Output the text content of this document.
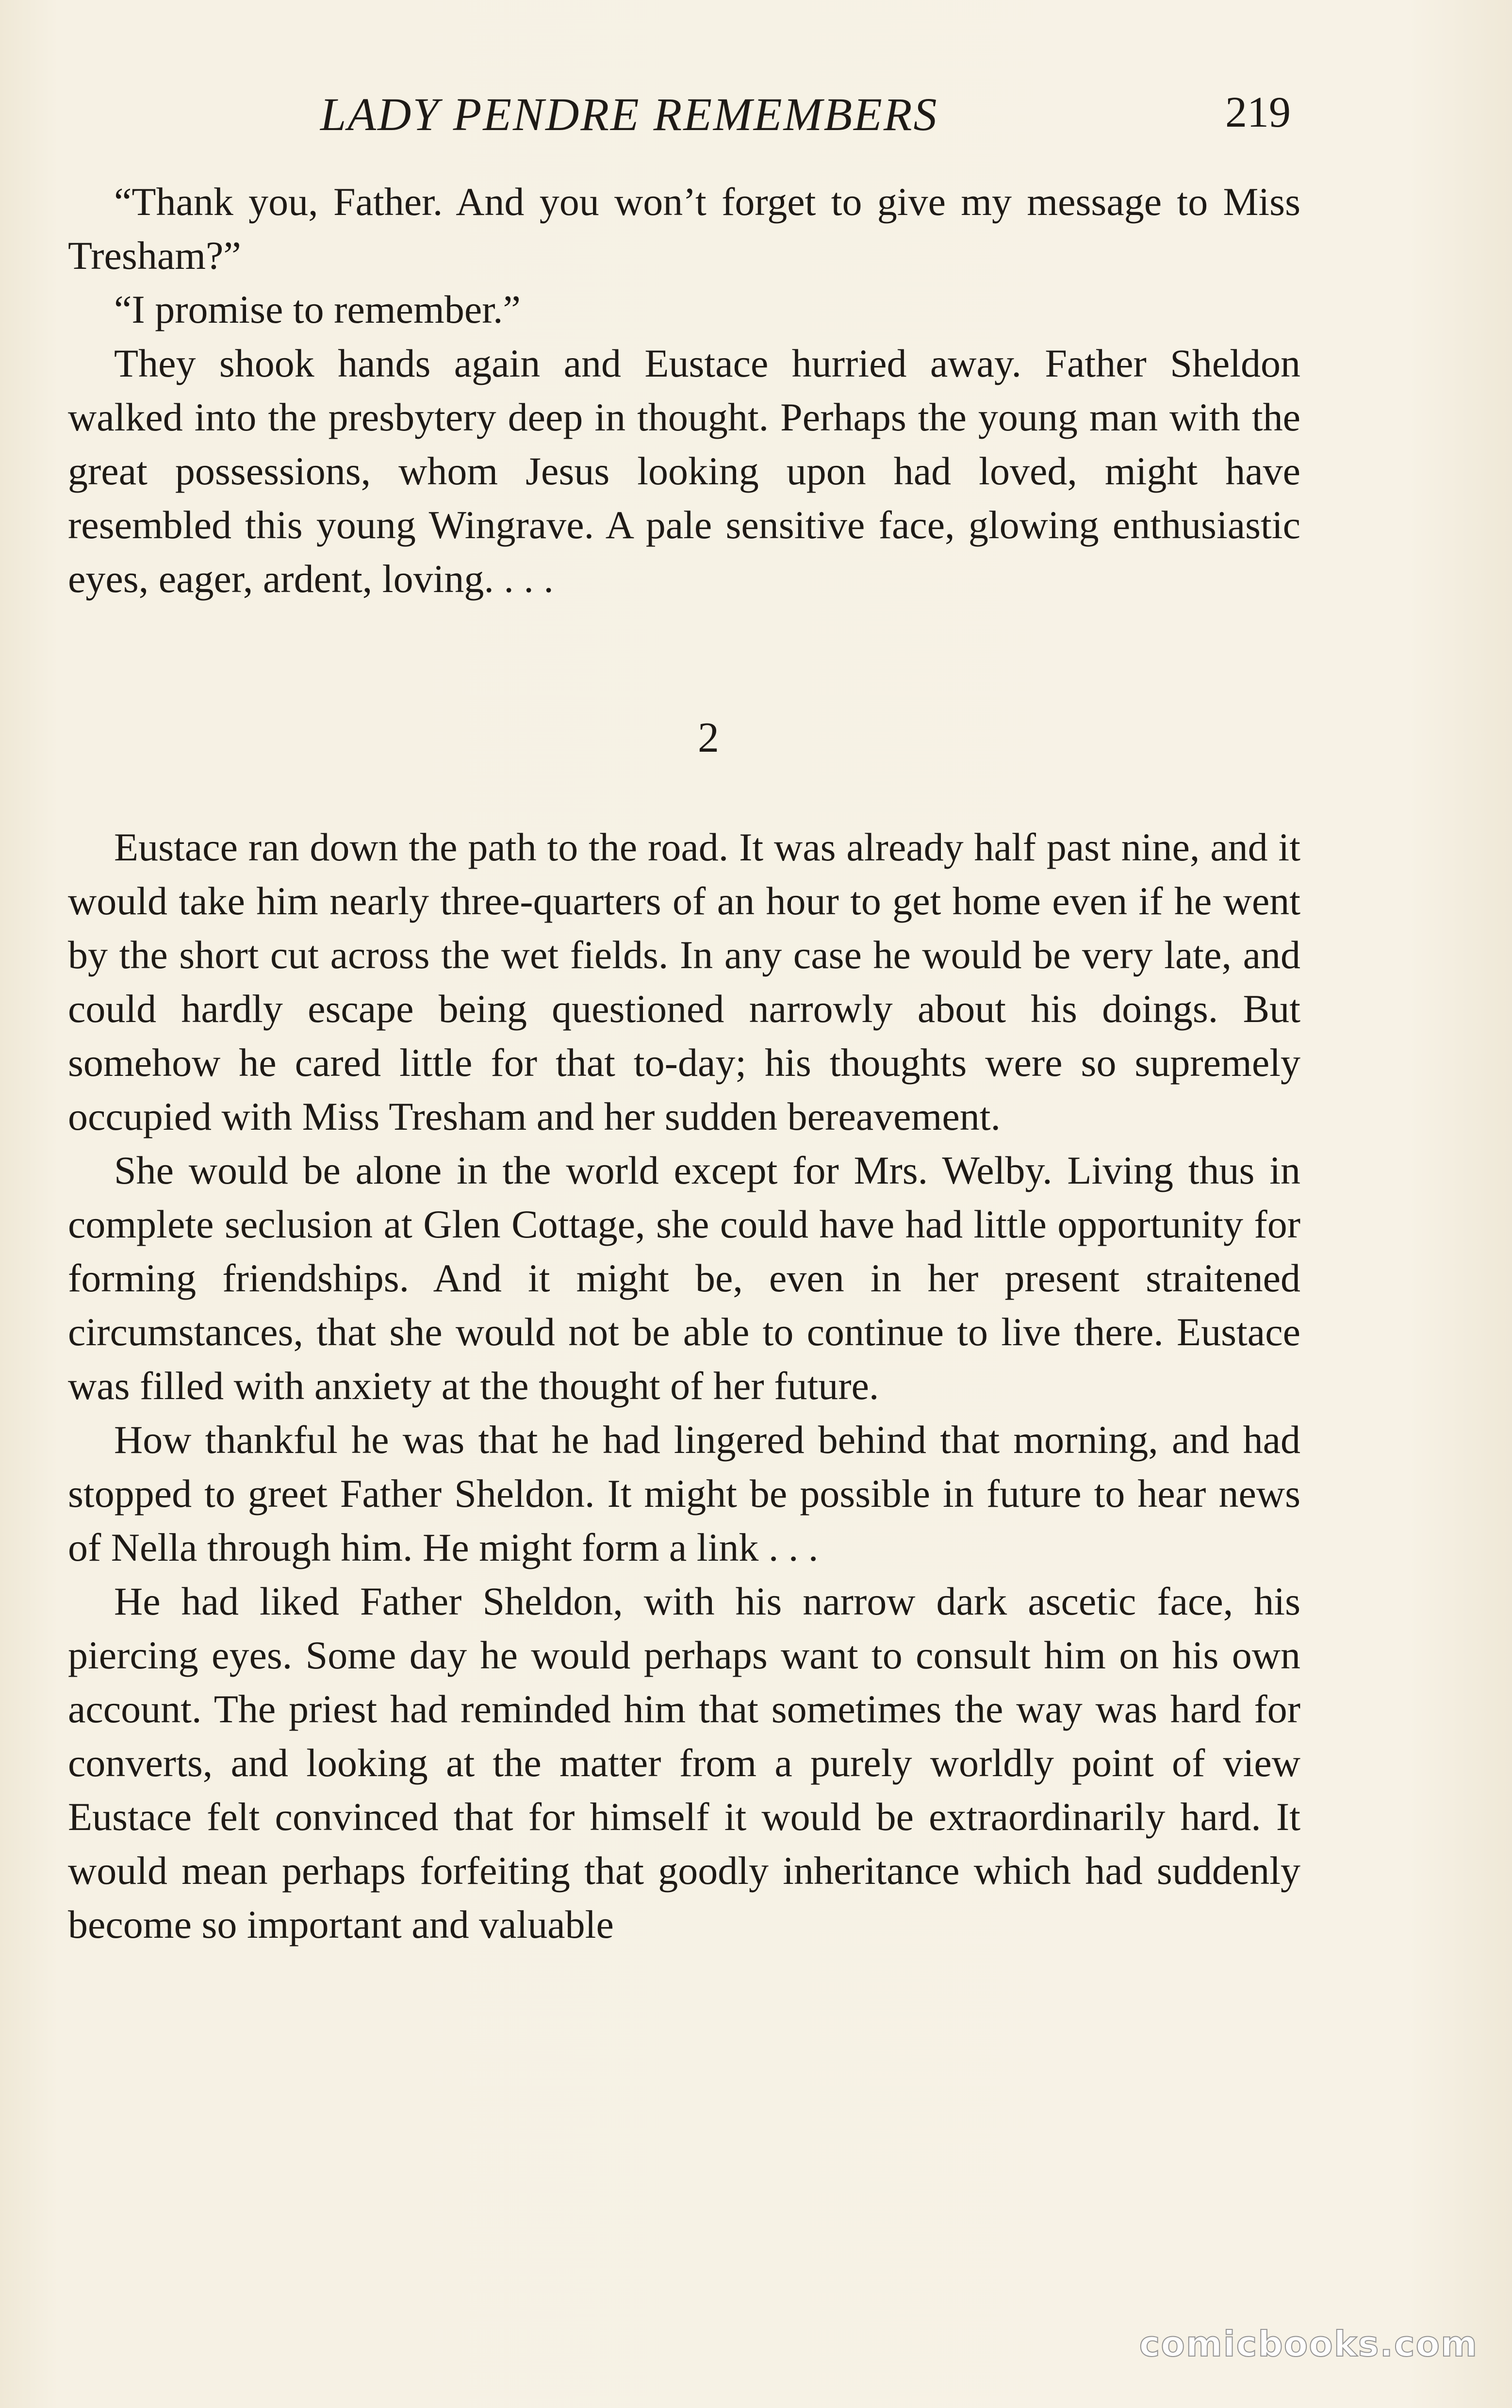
LADY PENDRE REMEMBERS	219

“Thank you, Father. And you won’t forget to give my message to Miss Tresham?”

“I promise to remember.”

They shook hands again and Eustace hurried away. Father Sheldon walked into the presbytery deep in thought. Perhaps the young man with the great possessions, whom Jesus looking upon had loved, might have resembled this young Wingrave. A pale sensitive face, glowing enthusiastic eyes, eager, ardent, loving. . . .

2

Eustace ran down the path to the road. It was already half past nine, and it would take him nearly three-quarters of an hour to get home even if he went by the short cut across the wet fields. In any case he would be very late, and could hardly escape being questioned narrowly about his doings. But somehow he cared little for that to-day; his thoughts were so supremely occupied with Miss Tresham and her sudden bereavement.

She would be alone in the world except for Mrs. Welby. Living thus in complete seclusion at Glen Cottage, she could have had little opportunity for forming friendships. And it might be, even in her present straitened circumstances, that she would not be able to continue to live there. Eustace was filled with anxiety at the thought of her future.

How thankful he was that he had lingered behind that morning, and had stopped to greet Father Sheldon. It might be possible in future to hear news of Nella through him. He might form a link . . .

He had liked Father Sheldon, with his narrow dark ascetic face, his piercing eyes. Some day he would perhaps want to consult him on his own account. The priest had reminded him that sometimes the way was hard for converts, and looking at the matter from a purely worldly point of view Eustace felt convinced that for himself it would be extraordinarily hard. It would mean perhaps forfeiting that goodly inheritance which had suddenly become so important and valuable

comicbooks.com
